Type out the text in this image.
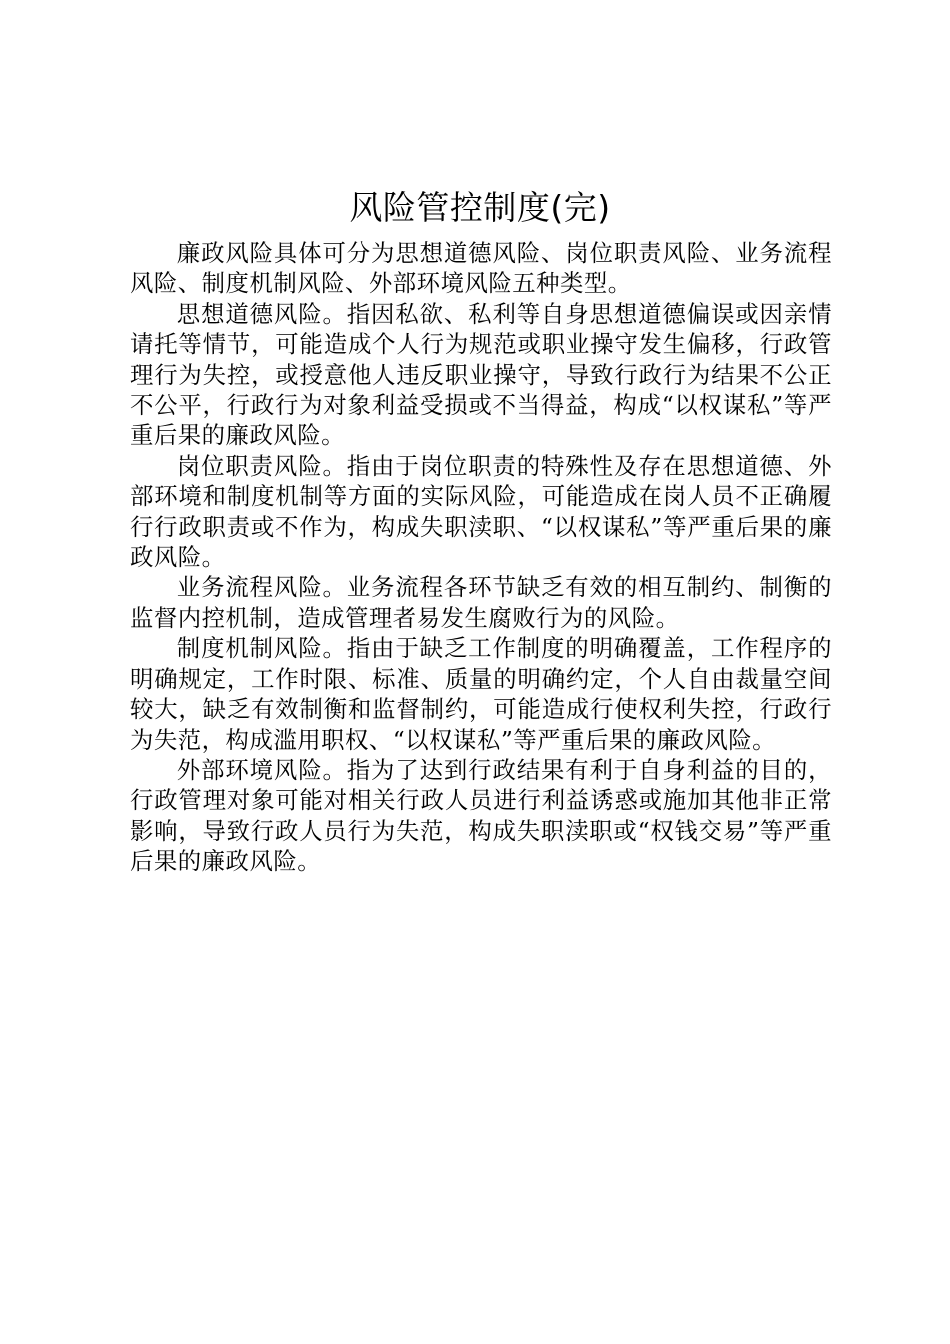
风险管控制度(完)

廉政风险具体可分为思想道德风险、岗位职责风险、业务流程风险、制度机制风险、外部环境风险五种类型。

思想道德风险。指因私欲、私利等自身思想道德偏误或因亲情请托等情节，可能造成个人行为规范或职业操守发生偏移，行政管理行为失控，或授意他人违反职业操守，导致行政行为结果不公正不公平，行政行为对象利益受损或不当得益，构成“以权谋私”等严重后果的廉政风险。

岗位职责风险。指由于岗位职责的特殊性及存在思想道德、外部环境和制度机制等方面的实际风险，可能造成在岗人员不正确履行行政职责或不作为，构成失职渎职、“以权谋私”等严重后果的廉政风险。

业务流程风险。业务流程各环节缺乏有效的相互制约、制衡的监督内控机制，造成管理者易发生腐败行为的风险。

制度机制风险。指由于缺乏工作制度的明确覆盖，工作程序的明确规定，工作时限、标准、质量的明确约定，个人自由裁量空间较大，缺乏有效制衡和监督制约，可能造成行使权利失控，行政行为失范，构成滥用职权、“以权谋私”等严重后果的廉政风险。

外部环境风险。指为了达到行政结果有利于自身利益的目的，行政管理对象可能对相关行政人员进行利益诱惑或施加其他非正常影响，导致行政人员行为失范，构成失职渎职或“权钱交易”等严重后果的廉政风险。
